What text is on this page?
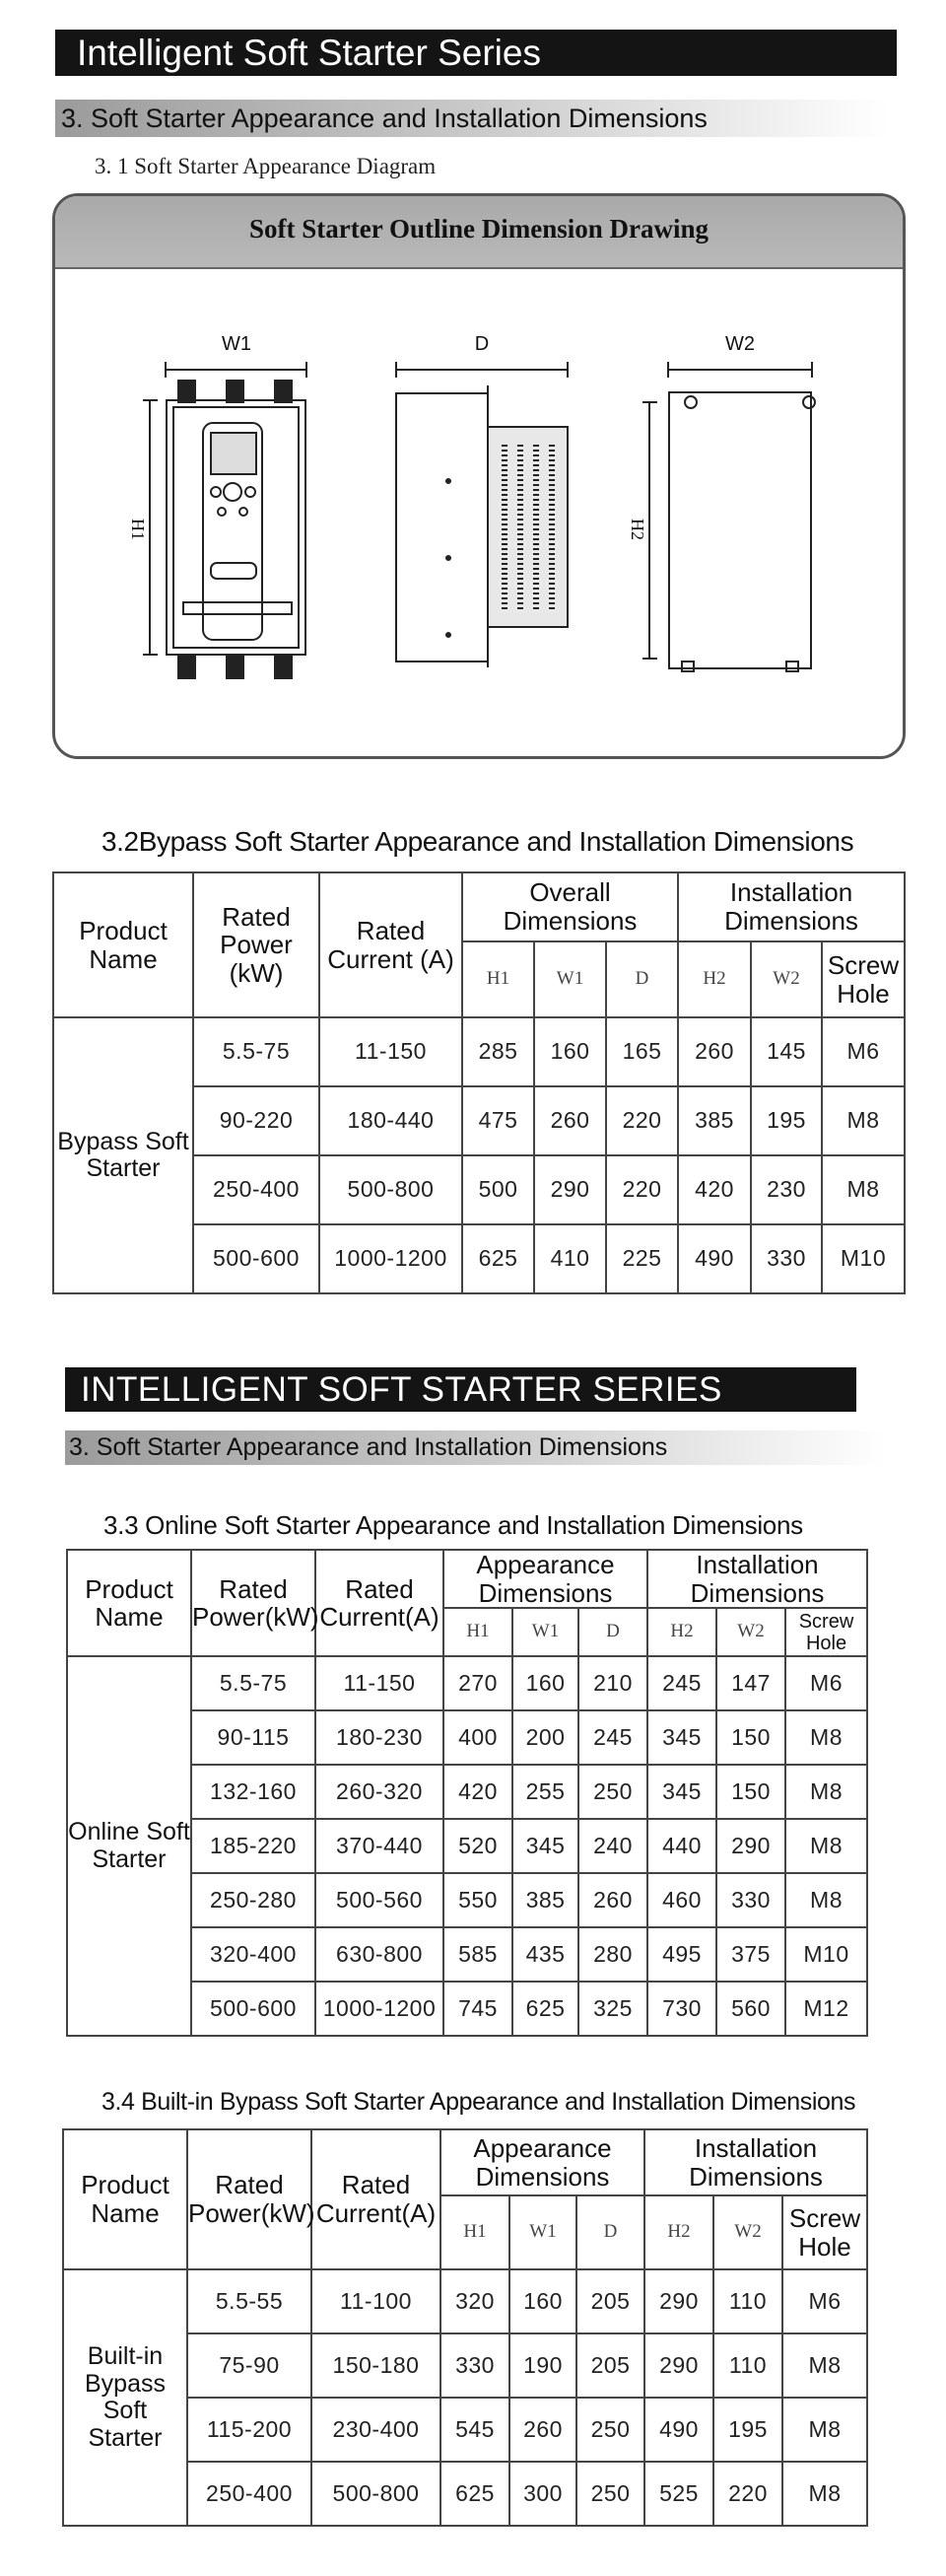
Intelligent Soft Starter Series
3. Soft Starter Appearance and Installation Dimensions
3. 1 Soft Starter Appearance Diagram
Soft Starter Outline Dimension Drawing
W1	D	W2
H1	H2
3.2Bypass Soft Starter Appearance and Installation Dimensions
Product Name	Rated Power (kW)	Rated Current (A)	Overall Dimensions			Installation Dimensions		
			H1	W1	D	H2	W2	Screw Hole
Bypass Soft Starter	5.5-75	11-150	285	160	165	260	145	M6
	90-220	180-440	475	260	220	385	195	M8
	250-400	500-800	500	290	220	420	230	M8
	500-600	1000-1200	625	410	225	490	330	M10
INTELLIGENT SOFT STARTER SERIES
3. Soft Starter Appearance and Installation Dimensions
3.3 Online Soft Starter Appearance and Installation Dimensions
Product Name	Rated Power(kW)	Rated Current(A)	Appearance Dimensions			Installation Dimensions		
			H1	W1	D	H2	W2	Screw Hole
Online Soft Starter	5.5-75	11-150	270	160	210	245	147	M6
	90-115	180-230	400	200	245	345	150	M8
	132-160	260-320	420	255	250	345	150	M8
	185-220	370-440	520	345	240	440	290	M8
	250-280	500-560	550	385	260	460	330	M8
	320-400	630-800	585	435	280	495	375	M10
	500-600	1000-1200	745	625	325	730	560	M12
3.4 Built-in Bypass Soft Starter Appearance and Installation Dimensions
Product Name	Rated Power(kW)	Rated Current(A)	Appearance Dimensions			Installation Dimensions		
			H1	W1	D	H2	W2	Screw Hole
Built-in Bypass Soft Starter	5.5-55	11-100	320	160	205	290	110	M6
	75-90	150-180	330	190	205	290	110	M8
	115-200	230-400	545	260	250	490	195	M8
	250-400	500-800	625	300	250	525	220	M8
